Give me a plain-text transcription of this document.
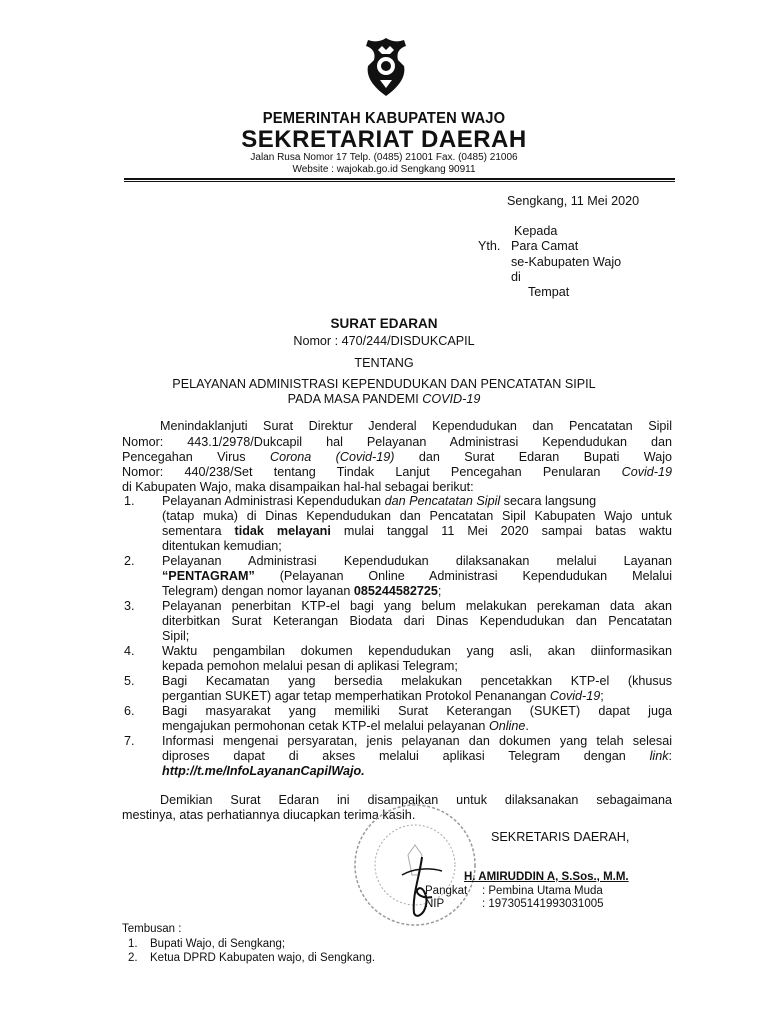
PEMERINTAH KABUPATEN WAJO
SEKRETARIAT DAERAH
Jalan Rusa Nomor 17 Telp. (0485) 21001 Fax. (0485) 21006
Website : wajokab.go.id Sengkang 90911
Sengkang, 11 Mei 2020
Kepada
Yth. Para Camat
se-Kabupaten Wajo
di
Tempat
SURAT EDARAN
Nomor : 470/244/DISDUKCAPIL
TENTANG
PELAYANAN ADMINISTRASI KEPENDUDUKAN DAN PENCATATAN SIPIL
PADA MASA PANDEMI COVID-19
Menindaklanjuti Surat Direktur Jenderal Kependudukan dan Pencatatan Sipil
Nomor: 443.1/2978/Dukcapil hal Pelayanan Administrasi Kependudukan dan
Pencegahan Virus Corona (Covid-19) dan Surat Edaran Bupati Wajo
Nomor: 440/238/Set tentang Tindak Lanjut Pencegahan Penularan Covid-19
di Kabupaten Wajo, maka disampaikan hal-hal sebagai berikut:
1. Pelayanan Administrasi Kependudukan dan Pencatatan Sipil secara langsung
(tatap muka) di Dinas Kependudukan dan Pencatatan Sipil Kabupaten Wajo untuk
sementara tidak melayani mulai tanggal 11 Mei 2020 sampai batas waktu
ditentukan kemudian;
2. Pelayanan Administrasi Kependudukan dilaksanakan melalui Layanan
“PENTAGRAM” (Pelayanan Online Administrasi Kependudukan Melalui
Telegram) dengan nomor layanan 085244582725;
3. Pelayanan penerbitan KTP-el bagi yang belum melakukan perekaman data akan
diterbitkan Surat Keterangan Biodata dari Dinas Kependudukan dan Pencatatan
Sipil;
4. Waktu pengambilan dokumen kependudukan yang asli, akan diinformasikan
kepada pemohon melalui pesan di aplikasi Telegram;
5. Bagi Kecamatan yang bersedia melakukan pencetakkan KTP-el (khusus
pergantian SUKET) agar tetap memperhatikan Protokol Penanangan Covid-19;
6. Bagi masyarakat yang memiliki Surat Keterangan (SUKET) dapat juga
mengajukan permohonan cetak KTP-el melalui pelayanan Online.
7. Informasi mengenai persyaratan, jenis pelayanan dan dokumen yang telah selesai
diproses dapat di akses melalui aplikasi Telegram dengan link:
http://t.me/InfoLayananCapilWajo.
Demikian Surat Edaran ini disampaikan untuk dilaksanakan sebagaimana
mestinya, atas perhatiannya diucapkan terima kasih.
SEKRETARIS DAERAH,
H. AMIRUDDIN A, S.Sos., M.M.
Pangkat : Pembina Utama Muda
NIP	: 197305141993031005
Tembusan :
1. Bupati Wajo, di Sengkang;
2. Ketua DPRD Kabupaten wajo, di Sengkang.
